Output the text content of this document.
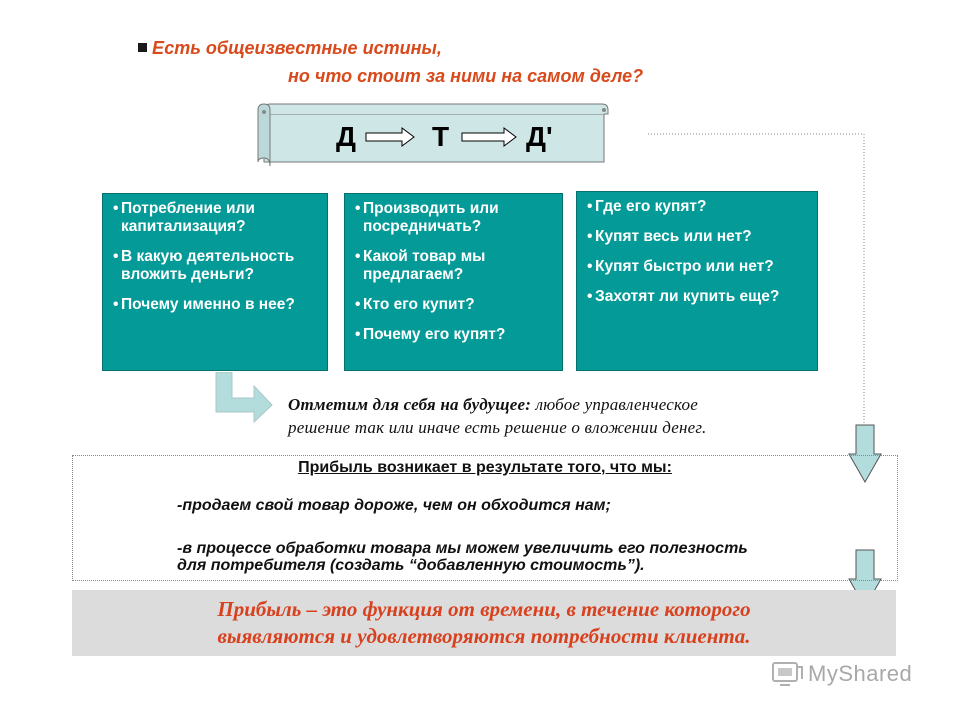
Есть общеизвестные истины,
но что стоит за ними на самом деле?
Д	Т	Д'
• Потребление или капитализация?
• В какую деятельность вложить деньги?
• Почему именно в нее?
• Производить или посредничать?
• Какой товар мы предлагаем?
• Кто его купит?
• Почему его купят?
• Где его купят?
• Купят весь или нет?
• Купят быстро или нет?
• Захотят ли купить еще?
Отметим для себя на будущее: любое управленческое
решение так или иначе есть решение о вложении денег.
Прибыль возникает в результате того, что мы:
-продаем свой товар дороже, чем он обходится нам;
-в процессе обработки товара мы можем увеличить его полезность
для потребителя (создать “добавленную стоимость”).
Прибыль – это функция от времени, в течение которого
выявляются и удовлетворяются потребности клиента.
MyShared
